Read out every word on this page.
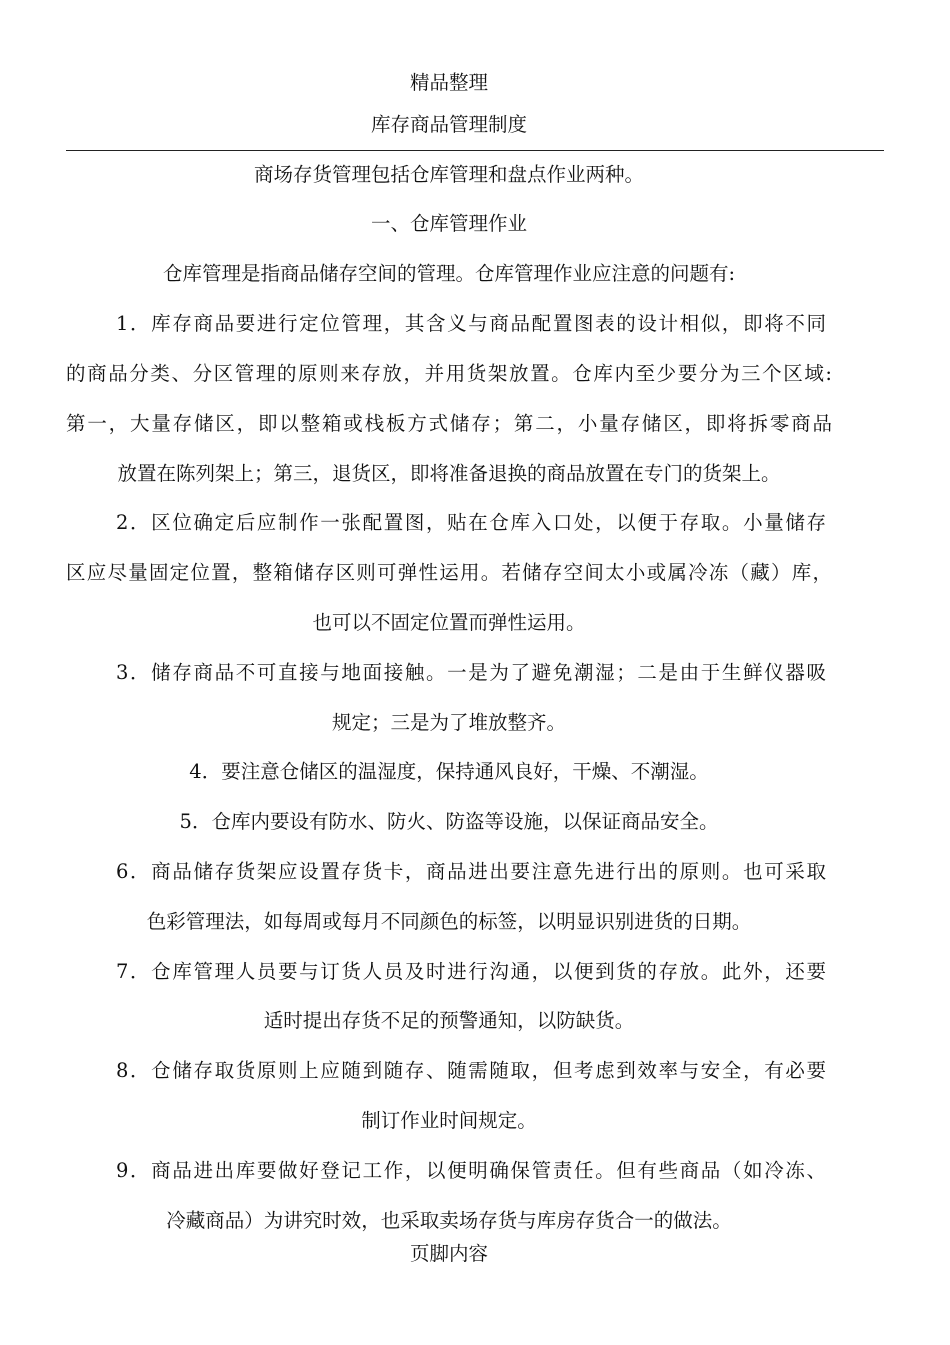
精品整理

库存商品管理制度

商场存货管理包括仓库管理和盘点作业两种。

一、仓库管理作业

仓库管理是指商品储存空间的管理。仓库管理作业应注意的问题有:

1．库存商品要进行定位管理，其含义与商品配置图表的设计相似，即将不同

的商品分类、分区管理的原则来存放，并用货架放置。仓库内至少要分为三个区域:

第一，大量存储区，即以整箱或栈板方式储存；第二，小量存储区，即将拆零商品

放置在陈列架上；第三，退货区，即将准备退换的商品放置在专门的货架上。

2．区位确定后应制作一张配置图，贴在仓库入口处，以便于存取。小量储存

区应尽量固定位置，整箱储存区则可弹性运用。若储存空间太小或属冷冻（藏）库，

也可以不固定位置而弹性运用。

3．储存商品不可直接与地面接触。一是为了避免潮湿；二是由于生鲜仪器吸

规定；三是为了堆放整齐。

4．要注意仓储区的温湿度，保持通风良好，干燥、不潮湿。

5．仓库内要设有防水、防火、防盗等设施，以保证商品安全。

6．商品储存货架应设置存货卡，商品进出要注意先进行出的原则。也可采取

色彩管理法，如每周或每月不同颜色的标签，以明显识别进货的日期。

7．仓库管理人员要与订货人员及时进行沟通，以便到货的存放。此外，还要

适时提出存货不足的预警通知，以防缺货。

8．仓储存取货原则上应随到随存、随需随取，但考虑到效率与安全，有必要

制订作业时间规定。

9．商品进出库要做好登记工作，以便明确保管责任。但有些商品（如冷冻、

冷藏商品）为讲究时效，也采取卖场存货与库房存货合一的做法。

页脚内容
